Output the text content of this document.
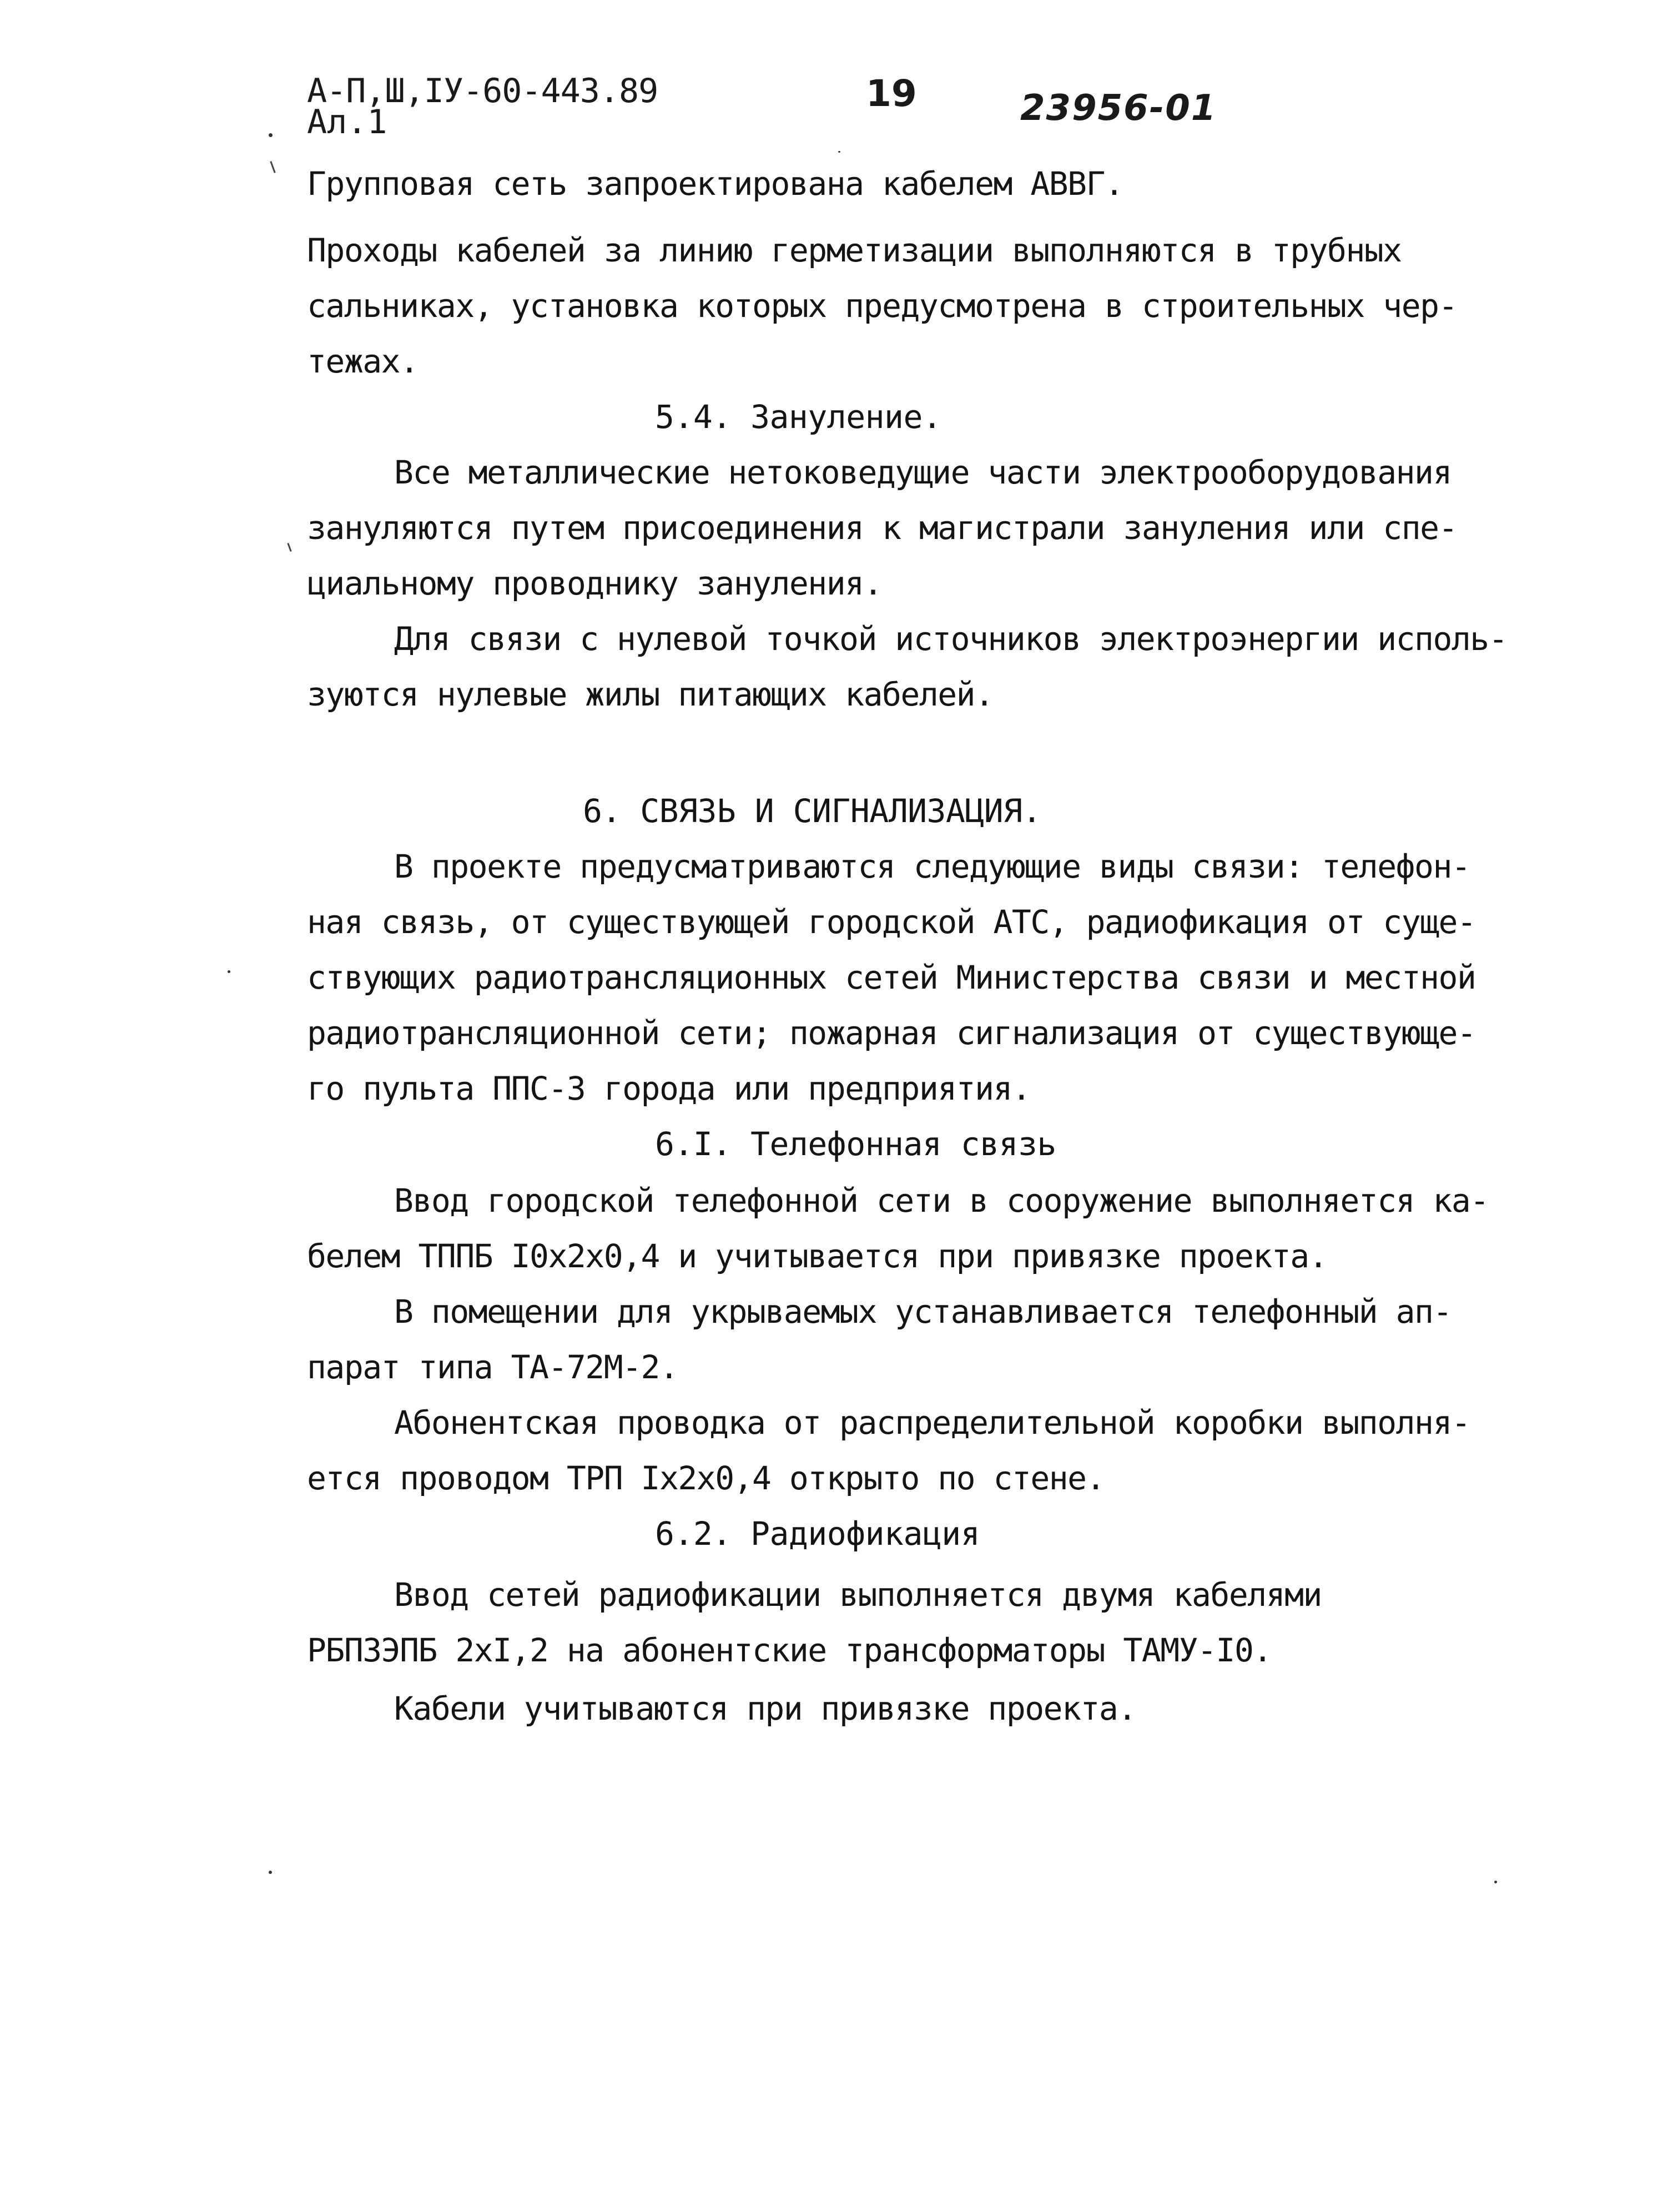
А-П,Ш,IУ-60-443.89
Ал.1
19	23956-01
Групповая сеть запроектирована кабелем АВВГ.
Проходы кабелей за линию герметизации выполняются в трубных
сальниках, установка которых предусмотрена в строительных чер-
тежах.
5.4. Зануление.
Все металлические нетоковедущие части электрооборудования
зануляются путем присоединения к магистрали зануления или спе-
циальному проводнику зануления.
Для связи с нулевой точкой источников электроэнергии исполь-
зуются нулевые жилы питающих кабелей.
6. СВЯЗЬ И СИГНАЛИЗАЦИЯ.
В проекте предусматриваются следующие виды связи: телефон-
ная связь, от существующей городской АТС, радиофикация от суще-
ствующих радиотрансляционных сетей Министерства связи и местной
радиотрансляционной сети; пожарная сигнализация от существующе-
го пульта ППС-3 города или предприятия.
6.I. Телефонная связь
Ввод городской телефонной сети в сооружение выполняется ка-
белем ТППБ I0х2х0,4 и учитывается при привязке проекта.
В помещении для укрываемых устанавливается телефонный ап-
парат типа ТА-72М-2.
Абонентская проводка от распределительной коробки выполня-
ется проводом ТРП Iх2х0,4 открыто по стене.
6.2. Радиофикация
Ввод сетей радиофикации выполняется двумя кабелями
РБПЗЭПБ 2хI,2 на абонентские трансформаторы ТАМУ-I0.
Кабели учитываются при привязке проекта.
